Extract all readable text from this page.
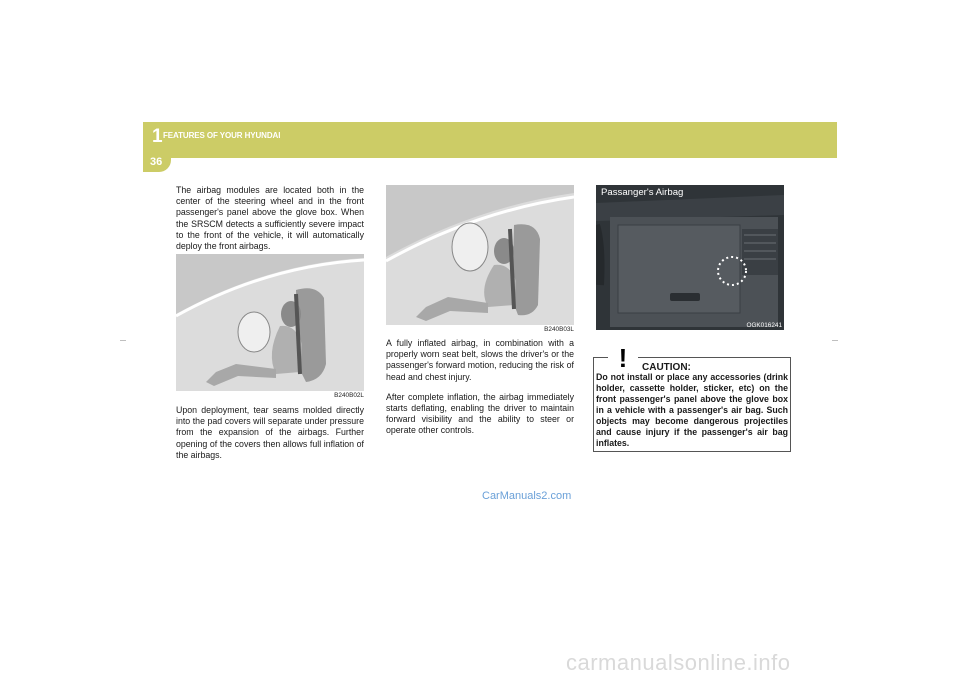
1 FEATURES OF YOUR HYUNDAI
36

The airbag modules are located both in the center of the steering wheel and in the front passenger's panel above the glove box. When the SRSCM detects a sufficiently severe impact to the front of the vehicle, it will automatically deploy the front airbags.

B240B02L

Upon deployment, tear seams molded directly into the pad covers will separate under pressure from the expansion of the airbags. Further opening of the covers then allows full inflation of the airbags.

B240B03L

A fully inflated airbag, in combination with a properly worn seat belt, slows the driver's or the passenger's forward motion, reducing the risk of head and chest injury.

After complete inflation, the airbag immediately starts deflating, enabling the driver to maintain forward visibility and the ability to steer or operate other controls.

Passanger's Airbag
OGK016241
! CAUTION:
Do not install or place any accessories (drink holder, cassette holder, sticker, etc) on the front passenger's panel above the glove box in a vehicle with a passenger's air bag. Such objects may become dangerous projectiles and cause injury if the passenger's air bag inflates.
CarManuals2.com
carmanualsonline.info
